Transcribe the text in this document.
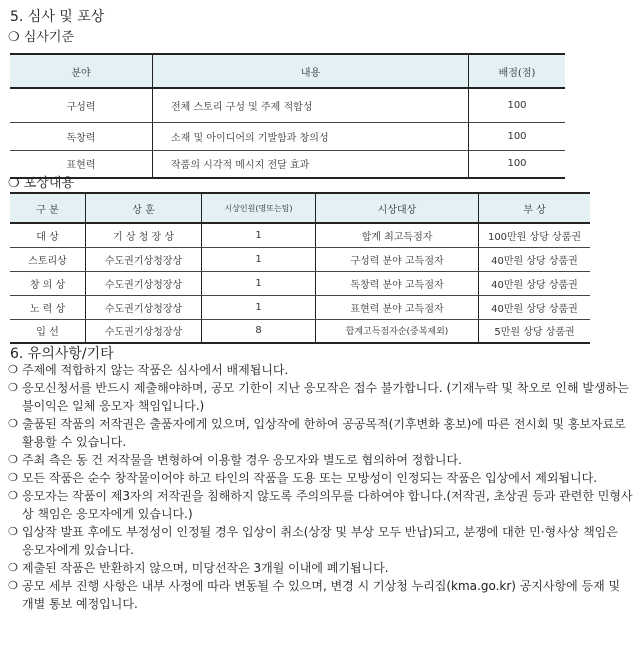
5. 심사 및 포상
❍ 심사기준
분야	내용	배점(점)
구성력	전체 스토리 구성 및 주제 적합성	100
독창력	소재 및 아이디어의 기발함과 창의성	100
표현력	작품의 시각적 메시지 전달 효과	100
❍ 포상내용
구 분	상 훈	시상인원(명또는팀)	시상대상	부 상
대 상	기 상 청 장 상	1	합계 최고득점자	100만원 상당 상품권
스토리상	수도권기상청장상	1	구성력 분야 고득점자	40만원 상당 상품권
창 의 상	수도권기상청장상	1	독창력 분야 고득점자	40만원 상당 상품권
노 력 상	수도권기상청장상	1	표현력 분야 고득점자	40만원 상당 상품권
입 선	수도권기상청장상	8	합계고득점자순(중복제외)	5만원 상당 상품권
6. 유의사항/기타
❍ 주제에 적합하지 않는 작품은 심사에서 배제됩니다.
❍ 응모신청서를 반드시 제출해야하며, 공모 기한이 지난 응모작은 접수 불가합니다. (기재누락 및 착오로 인해 발생하는 불이익은 일체 응모자 책임입니다.)
❍ 출품된 작품의 저작권은 출품자에게 있으며, 입상작에 한하여 공공목적(기후변화 홍보)에 따른 전시회 및 홍보자료로 활용할 수 있습니다.
❍ 주최 측은 동 건 저작물을 변형하여 이용할 경우 응모자와 별도로 협의하여 정합니다.
❍ 모든 작품은 순수 창작물이어야 하고 타인의 작품을 도용 또는 모방성이 인정되는 작품은 입상에서 제외됩니다.
❍ 응모자는 작품이 제3자의 저작권을 침해하지 않도록 주의의무를 다하여야 합니다.(저작권, 초상권 등과 관련한 민형사상 책임은 응모자에게 있습니다.)
❍ 입상작 발표 후에도 부정성이 인정될 경우 입상이 취소(상장 및 부상 모두 반납)되고, 분쟁에 대한 민·형사상 책임은 응모자에게 있습니다.
❍ 제출된 작품은 반환하지 않으며, 미당선작은 3개월 이내에 폐기됩니다.
❍ 공모 세부 진행 사항은 내부 사정에 따라 변동될 수 있으며, 변경 시 기상청 누리집(kma.go.kr) 공지사항에 등재 및 개별 통보 예정입니다.
